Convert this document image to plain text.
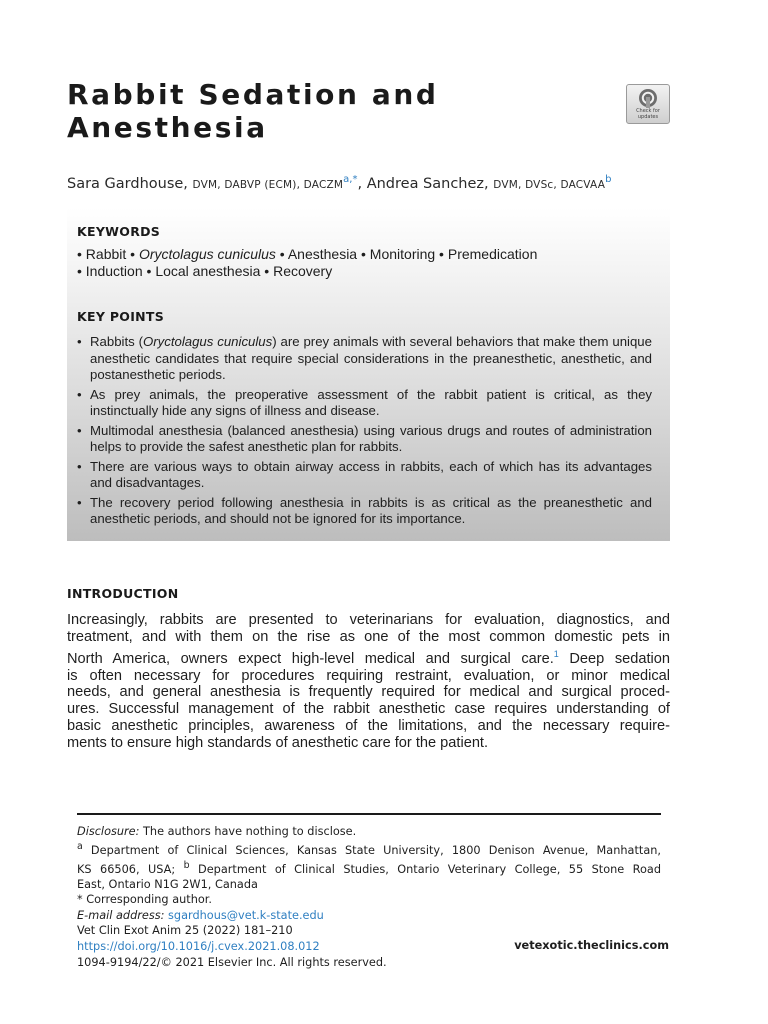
Rabbit Sedation and
Anesthesia	Check for
updates
Sara Gardhouse, DVM, DABVP (ECM), DACZM$^{a,*}$, Andrea Sanchez, DVM, DVSc, DACVAA$^b$
KEYWORDS
• Rabbit • Oryctolagus cuniculus • Anesthesia • Monitoring • Premedication
• Induction • Local anesthesia • Recovery
KEY POINTS
• Rabbits (Oryctolagus cuniculus) are prey animals with several behaviors that make them unique anesthetic candidates that require special considerations in the preanesthetic, anesthetic, and postanesthetic periods.
• As prey animals, the preoperative assessment of the rabbit patient is critical, as they instinctually hide any signs of illness and disease.
• Multimodal anesthesia (balanced anesthesia) using various drugs and routes of administration helps to provide the safest anesthetic plan for rabbits.
• There are various ways to obtain airway access in rabbits, each of which has its advantages and disadvantages.
• The recovery period following anesthesia in rabbits is as critical as the preanesthetic and anesthetic periods, and should not be ignored for its importance.
INTRODUCTION
Increasingly, rabbits are presented to veterinarians for evaluation, diagnostics, and
treatment, and with them on the rise as one of the most common domestic pets in
North America, owners expect high-level medical and surgical care.$^1$ Deep sedation
is often necessary for procedures requiring restraint, evaluation, or minor medical
needs, and general anesthesia is frequently required for medical and surgical proced-
ures. Successful management of the rabbit anesthetic case requires understanding of
basic anesthetic principles, awareness of the limitations, and the necessary require-
ments to ensure high standards of anesthetic care for the patient.
Disclosure: The authors have nothing to disclose.
$^a$ Department of Clinical Sciences, Kansas State University, 1800 Denison Avenue, Manhattan,
KS 66506, USA; $^b$ Department of Clinical Studies, Ontario Veterinary College, 55 Stone Road
East, Ontario N1G 2W1, Canada
* Corresponding author.
E-mail address: sgardhous@vet.k-state.edu
Vet Clin Exot Anim 25 (2022) 181–210
https://doi.org/10.1016/j.cvex.2021.08.012
1094-9194/22/© 2021 Elsevier Inc. All rights reserved.
vetexotic.theclinics.com
